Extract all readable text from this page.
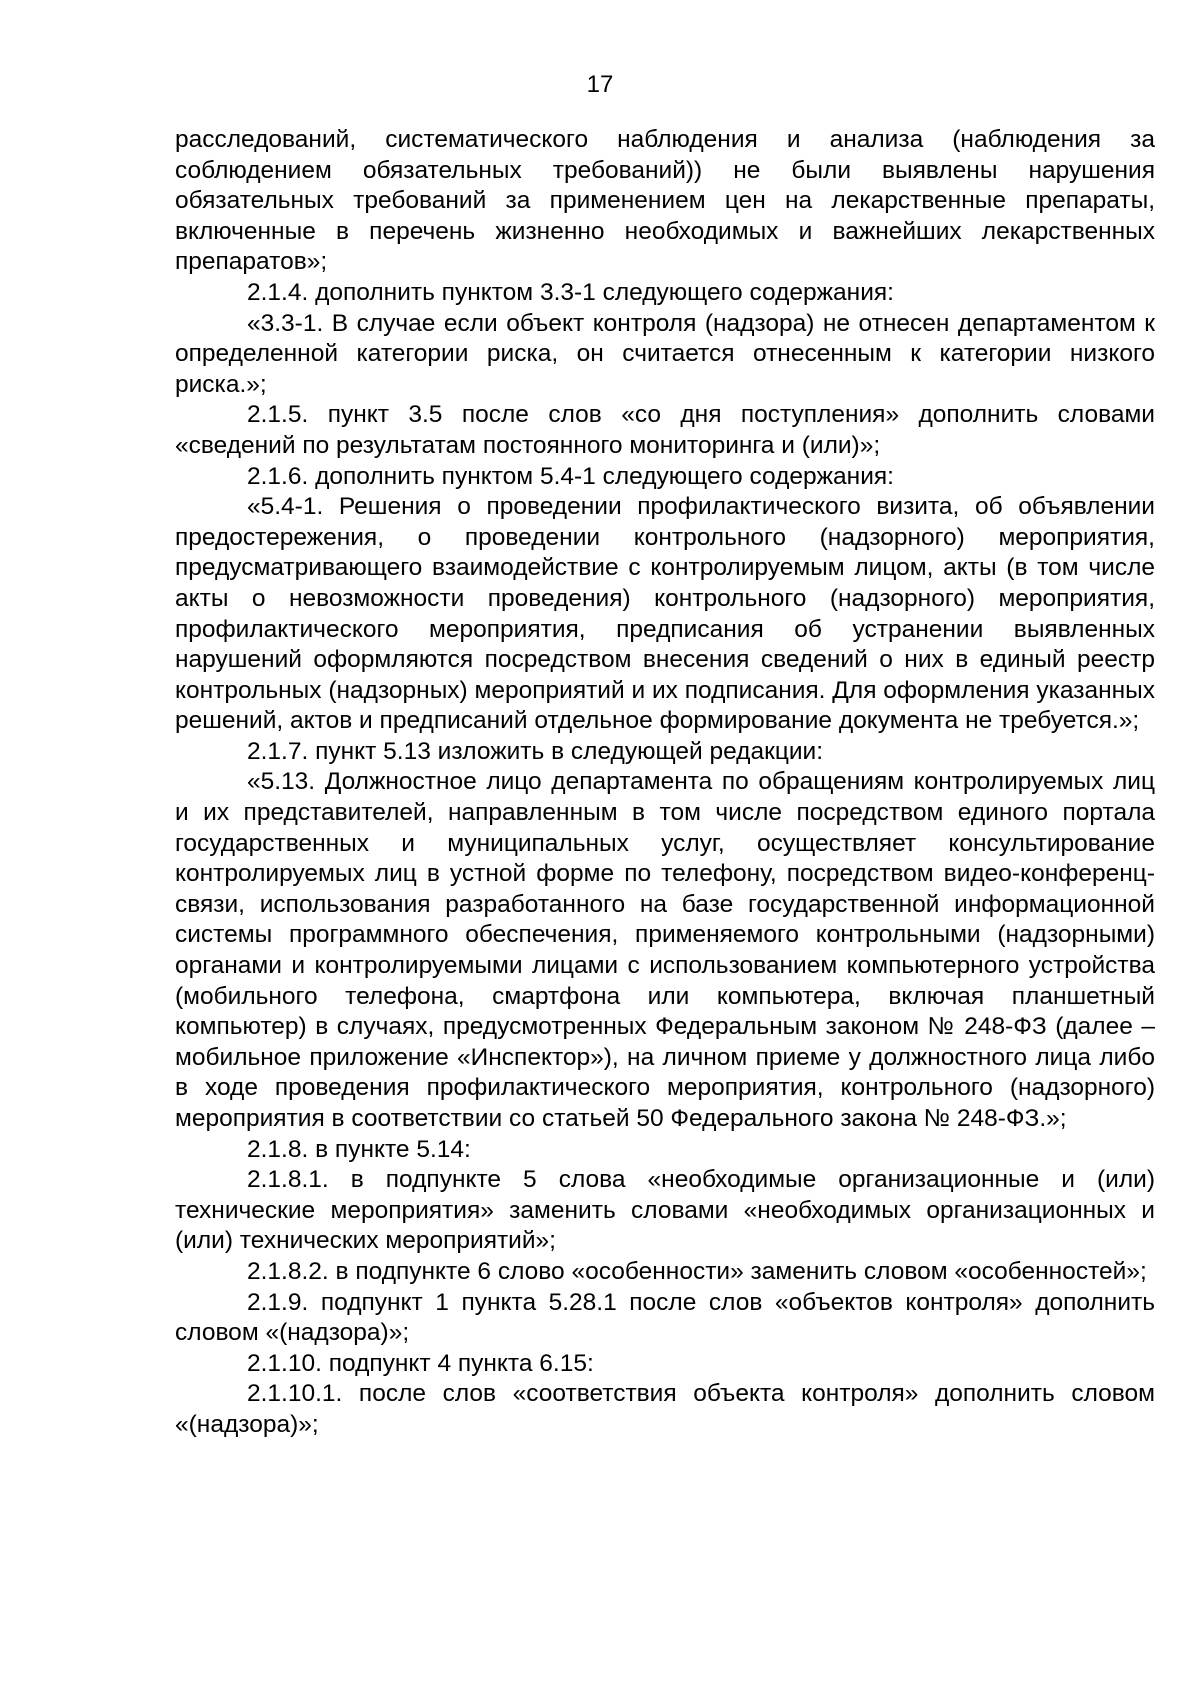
17

расследований, систематического наблюдения и анализа (наблюдения за соблюдением обязательных требований)) не были выявлены нарушения обязательных требований за применением цен на лекарственные препараты, включенные в перечень жизненно необходимых и важнейших лекарственных препаратов»;

2.1.4. дополнить пунктом 3.3-1 следующего содержания:

«3.3-1. В случае если объект контроля (надзора) не отнесен департаментом к определенной категории риска, он считается отнесенным к категории низкого риска.»;

2.1.5. пункт 3.5 после слов «со дня поступления» дополнить словами «сведений по результатам постоянного мониторинга и (или)»;

2.1.6. дополнить пунктом 5.4-1 следующего содержания:

«5.4-1. Решения о проведении профилактического визита, об объявлении предостережения, о проведении контрольного (надзорного) мероприятия, предусматривающего взаимодействие с контролируемым лицом, акты (в том числе акты о невозможности проведения) контрольного (надзорного) мероприятия, профилактического мероприятия, предписания об устранении выявленных нарушений оформляются посредством внесения сведений о них в единый реестр контрольных (надзорных) мероприятий и их подписания. Для оформления указанных решений, актов и предписаний отдельное формирование документа не требуется.»;

2.1.7. пункт 5.13 изложить в следующей редакции:

«5.13. Должностное лицо департамента по обращениям контролируемых лиц и их представителей, направленным в том числе посредством единого портала государственных и муниципальных услуг, осуществляет консультирование контролируемых лиц в устной форме по телефону, посредством видео-конференц-связи, использования разработанного на базе государственной информационной системы программного обеспечения, применяемого контрольными (надзорными) органами и контролируемыми лицами с использованием компьютерного устройства (мобильного телефона, смартфона или компьютера, включая планшетный компьютер) в случаях, предусмотренных Федеральным законом № 248-ФЗ (далее – мобильное приложение «Инспектор»), на личном приеме у должностного лица либо в ходе проведения профилактического мероприятия, контрольного (надзорного) мероприятия в соответствии со статьей 50 Федерального закона № 248-ФЗ.»;

2.1.8. в пункте 5.14:

2.1.8.1. в подпункте 5 слова «необходимые организационные и (или) технические мероприятия» заменить словами «необходимых организационных и (или) технических мероприятий»;

2.1.8.2. в подпункте 6 слово «особенности» заменить словом «особенностей»;

2.1.9. подпункт 1 пункта 5.28.1 после слов «объектов контроля» дополнить словом «(надзора)»;

2.1.10. подпункт 4 пункта 6.15:

2.1.10.1. после слов «соответствия объекта контроля» дополнить словом «(надзора)»;
